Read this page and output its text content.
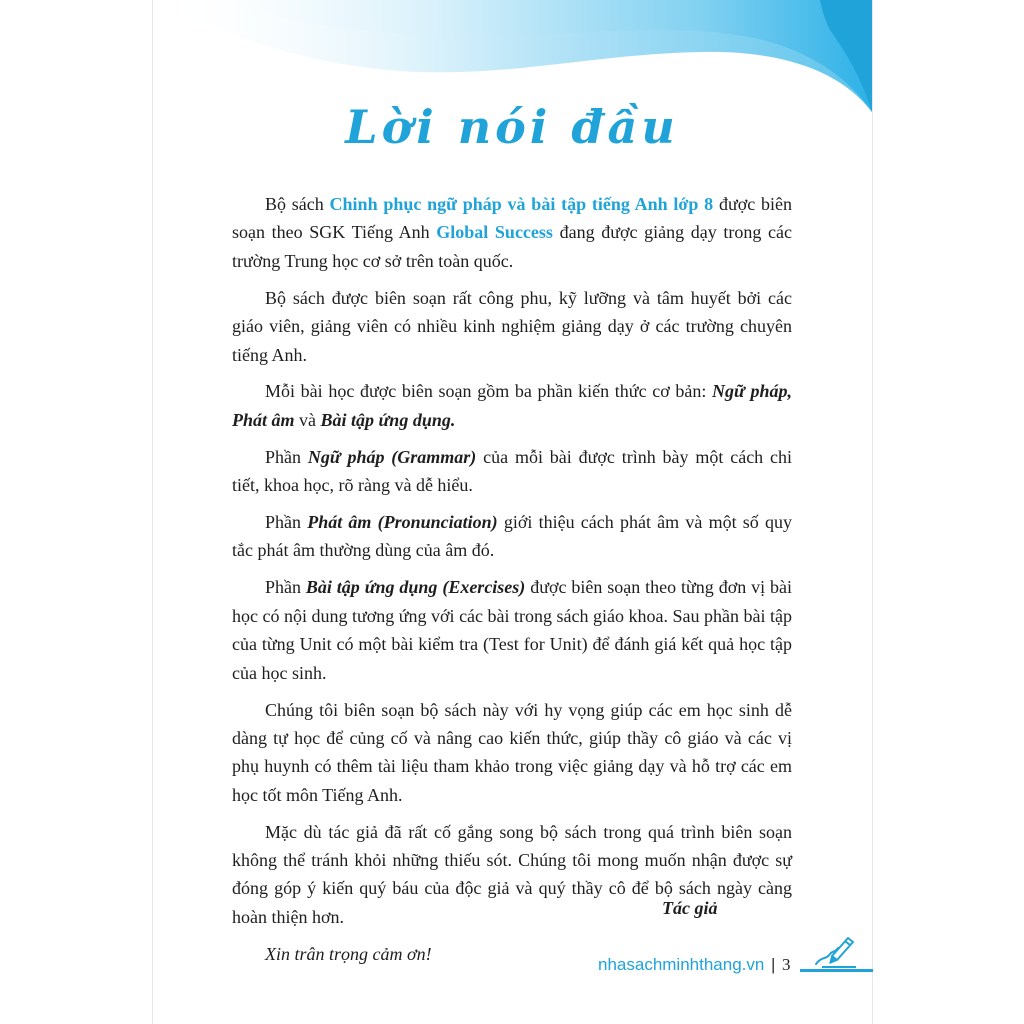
Lời nói đầu

Bộ sách Chinh phục ngữ pháp và bài tập tiếng Anh lớp 8 được biên soạn theo SGK Tiếng Anh Global Success đang được giảng dạy trong các trường Trung học cơ sở trên toàn quốc.

Bộ sách được biên soạn rất công phu, kỹ lưỡng và tâm huyết bởi các giáo viên, giảng viên có nhiều kinh nghiệm giảng dạy ở các trường chuyên tiếng Anh.

Mỗi bài học được biên soạn gồm ba phần kiến thức cơ bản: Ngữ pháp, Phát âm và Bài tập ứng dụng.

Phần Ngữ pháp (Grammar) của mỗi bài được trình bày một cách chi tiết, khoa học, rõ ràng và dễ hiểu.

Phần Phát âm (Pronunciation) giới thiệu cách phát âm và một số quy tắc phát âm thường dùng của âm đó.

Phần Bài tập ứng dụng (Exercises) được biên soạn theo từng đơn vị bài học có nội dung tương ứng với các bài trong sách giáo khoa. Sau phần bài tập của từng Unit có một bài kiểm tra (Test for Unit) để đánh giá kết quả học tập của học sinh.

Chúng tôi biên soạn bộ sách này với hy vọng giúp các em học sinh dễ dàng tự học để củng cố và nâng cao kiến thức, giúp thầy cô giáo và các vị phụ huynh có thêm tài liệu tham khảo trong việc giảng dạy và hỗ trợ các em học tốt môn Tiếng Anh.

Mặc dù tác giả đã rất cố gắng song bộ sách trong quá trình biên soạn không thể tránh khỏi những thiếu sót. Chúng tôi mong muốn nhận được sự đóng góp ý kiến quý báu của độc giả và quý thầy cô để bộ sách ngày càng hoàn thiện hơn.

Xin trân trọng cảm ơn!

Tác giả
nhasachminhthang.vn | 3
